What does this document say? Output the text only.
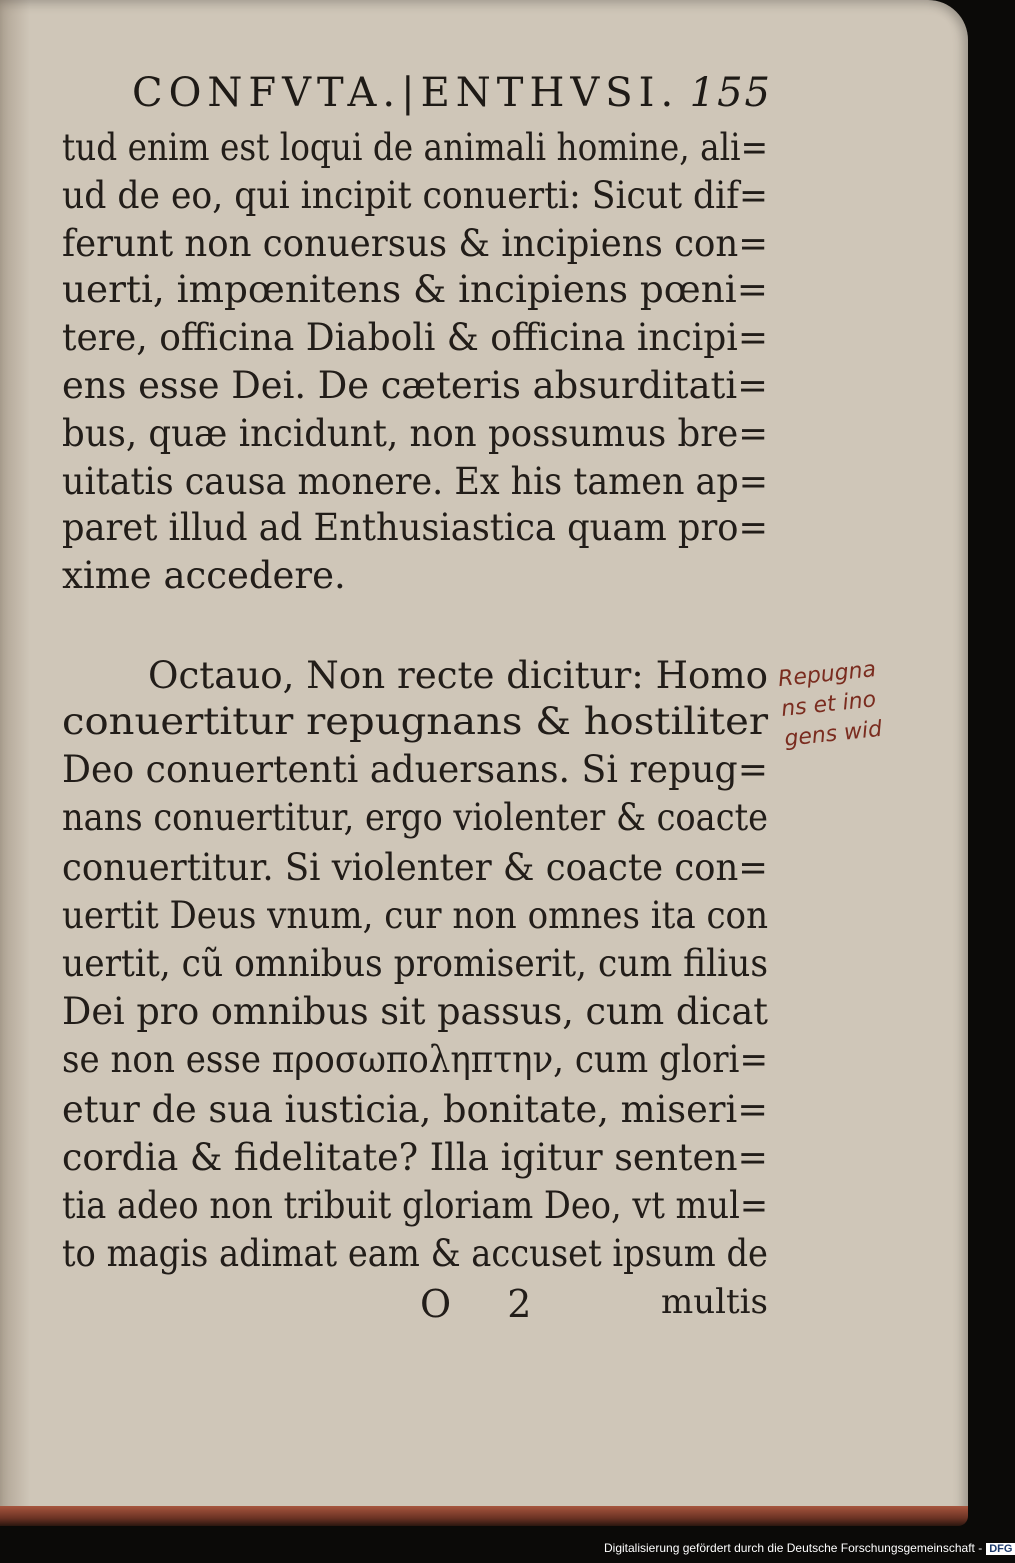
CONFVTA.|ENTHVSI. 155
tud enim est loqui de animali homine, ali=
ud de eo, qui incipit conuerti: Sicut dif=
ferunt non conuersus & incipiens con=
uerti, impœnitens & incipiens pœni=
tere, officina Diaboli & officina incipi=
ens esse Dei. De cæteris absurditati=
bus, quæ incidunt, non possumus bre=
uitatis causa monere. Ex his tamen ap=
paret illud ad Enthusiastica quam pro=
xime accedere.
Octauo, Non recte dicitur: Homo
conuertitur repugnans & hostiliter
Deo conuertenti aduersans. Si repug=
nans conuertitur, ergo violenter & coacte
conuertitur. Si violenter & coacte con=
uertit Deus vnum, cur non omnes ita con
uertit, cũ omnibus promiserit, cum filius
Dei pro omnibus sit passus, cum dicat
se non esse προσωποληπτην, cum glori=
etur de sua iusticia, bonitate, miseri=
cordia & fidelitate? Illa igitur senten=
tia adeo non tribuit gloriam Deo, vt mul=
to magis adimat eam & accuset ipsum de
O 2	multis
Repugna
ns et ino
gens wid
Digitalisierung gefördert durch die Deutsche Forschungsgemeinschaft - DFG
